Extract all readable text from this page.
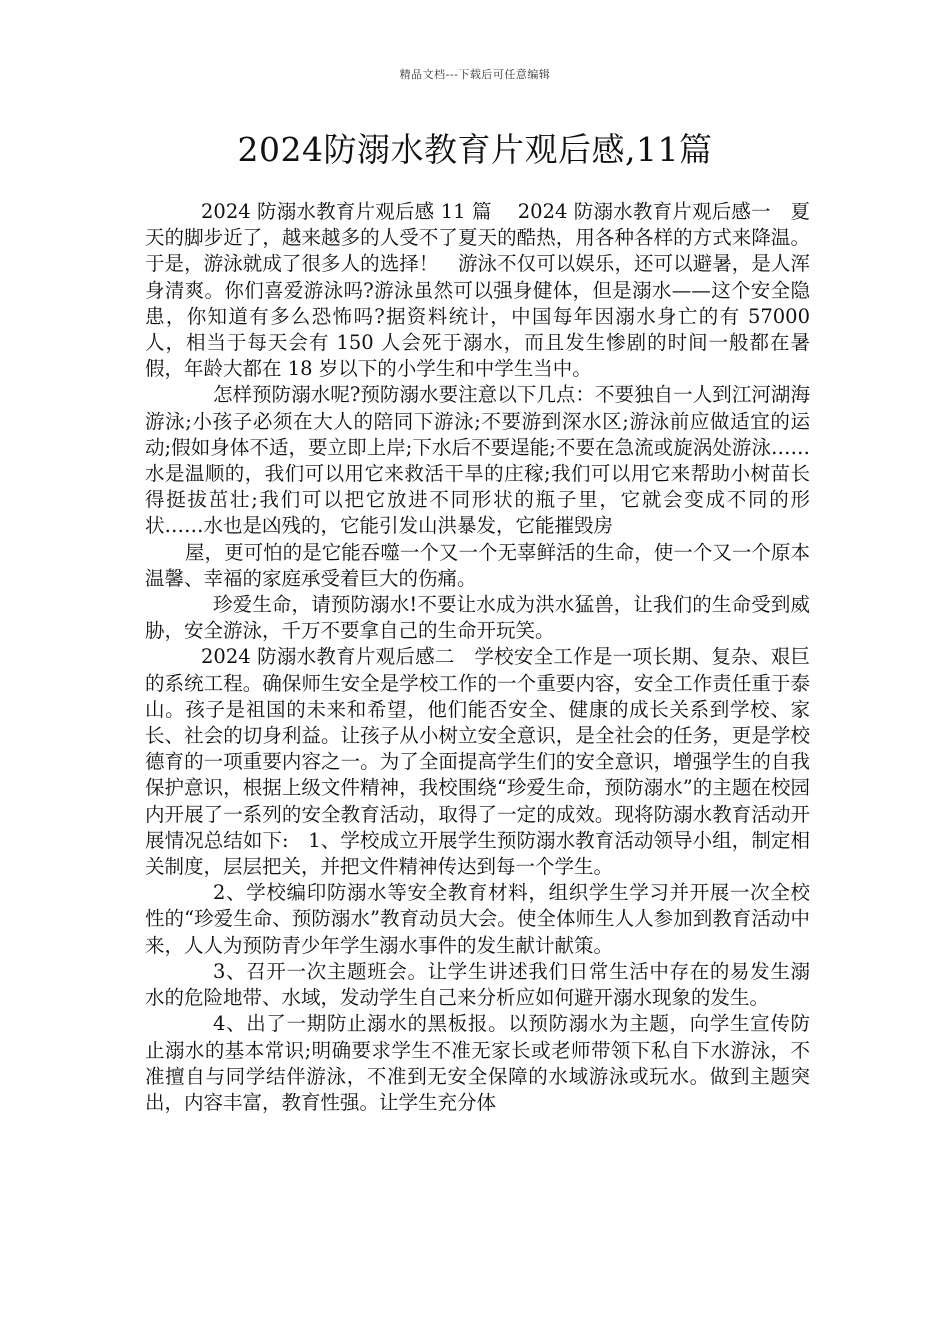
精品文档---下载后可任意编辑
2024防溺水教育片观后感,11篇

2024 防溺水教育片观后感 11 篇　 2024 防溺水教育片观后感一　夏天的脚步近了，越来越多的人受不了夏天的酷热，用各种各样的方式来降温。于是，游泳就成了很多人的选择！　游泳不仅可以娱乐，还可以避暑，是人浑身清爽。你们喜爱游泳吗?游泳虽然可以强身健体，但是溺水——这个安全隐患，你知道有多么恐怖吗?据资料统计，中国每年因溺水身亡的有 57000 人，相当于每天会有 150 人会死于溺水，而且发生惨剧的时间一般都在暑假，年龄大都在 18 岁以下的小学生和中学生当中。

怎样预防溺水呢?预防溺水要注意以下几点：不要独自一人到江河湖海游泳;小孩子必须在大人的陪同下游泳;不要游到深水区;游泳前应做适宜的运动;假如身体不适，要立即上岸;下水后不要逞能;不要在急流或旋涡处游泳……　水是温顺的，我们可以用它来救活干旱的庄稼;我们可以用它来帮助小树苗长得挺拔茁壮;我们可以把它放进不同形状的瓶子里，它就会变成不同的形状……水也是凶残的，它能引发山洪暴发，它能摧毁房

屋，更可怕的是它能吞噬一个又一个无辜鲜活的生命，使一个又一个原本温馨、幸福的家庭承受着巨大的伤痛。

珍爱生命，请预防溺水!不要让水成为洪水猛兽，让我们的生命受到威胁，安全游泳，千万不要拿自己的生命开玩笑。

2024 防溺水教育片观后感二　学校安全工作是一项长期、复杂、艰巨的系统工程。确保师生安全是学校工作的一个重要内容，安全工作责任重于泰山。孩子是祖国的未来和希望，他们能否安全、健康的成长关系到学校、家长、社会的切身利益。让孩子从小树立安全意识，是全社会的任务，更是学校德育的一项重要内容之一。为了全面提高学生们的安全意识，增强学生的自我保护意识，根据上级文件精神，我校围绕“珍爱生命，预防溺水”的主题在校园内开展了一系列的安全教育活动，取得了一定的成效。现将防溺水教育活动开展情况总结如下:　1、学校成立开展学生预防溺水教育活动领导小组，制定相关制度，层层把关，并把文件精神传达到每一个学生。

2、学校编印防溺水等安全教育材料，组织学生学习并开展一次全校性的“珍爱生命、预防溺水”教育动员大会。使全体师生人人参加到教育活动中来，人人为预防青少年学生溺水事件的发生献计献策。

3、召开一次主题班会。让学生讲述我们日常生活中存在的易发生溺水的危险地带、水域，发动学生自己来分析应如何避开溺水现象的发生。

4、出了一期防止溺水的黑板报。以预防溺水为主题，向学生宣传防止溺水的基本常识;明确要求学生不准无家长或老师带领下私自下水游泳，不准擅自与同学结伴游泳，不准到无安全保障的水域游泳或玩水。做到主题突出，内容丰富，教育性强。让学生充分体
